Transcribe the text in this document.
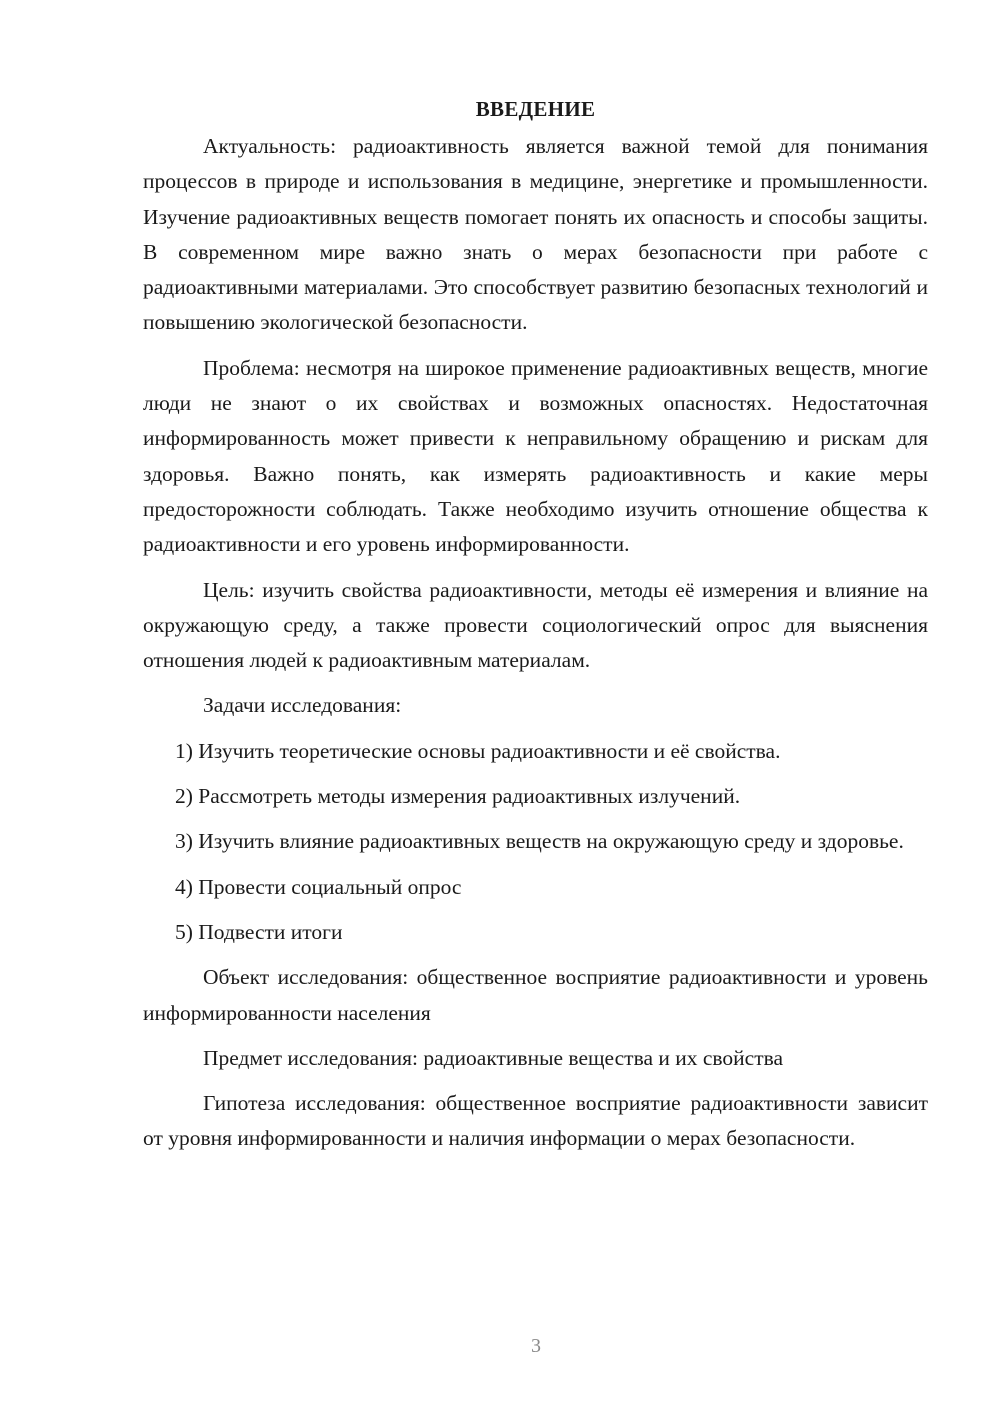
ВВЕДЕНИЕ

Актуальность: радиоактивность является важной темой для понимания процессов в природе и использования в медицине, энергетике и промышленности. Изучение радиоактивных веществ помогает понять их опасность и способы защиты. В современном мире важно знать о мерах безопасности при работе с радиоактивными материалами. Это способствует развитию безопасных технологий и повышению экологической безопасности.

Проблема: несмотря на широкое применение радиоактивных веществ, многие люди не знают о их свойствах и возможных опасностях. Недостаточная информированность может привести к неправильному обращению и рискам для здоровья. Важно понять, как измерять радиоактивность и какие меры предосторожности соблюдать. Также необходимо изучить отношение общества к радиоактивности и его уровень информированности.

Цель: изучить свойства радиоактивности, методы её измерения и влияние на окружающую среду, а также провести социологический опрос для выяснения отношения людей к радиоактивным материалам.

Задачи исследования:

1) Изучить теоретические основы радиоактивности и её свойства.

2) Рассмотреть методы измерения радиоактивных излучений.

3) Изучить влияние радиоактивных веществ на окружающую среду и здоровье.

4) Провести социальный опрос

5) Подвести итоги

Объект исследования: общественное восприятие радиоактивности и уровень информированности населения

Предмет исследования: радиоактивные вещества и их свойства

Гипотеза исследования: общественное восприятие радиоактивности зависит от уровня информированности и наличия информации о мерах безопасности.

3
